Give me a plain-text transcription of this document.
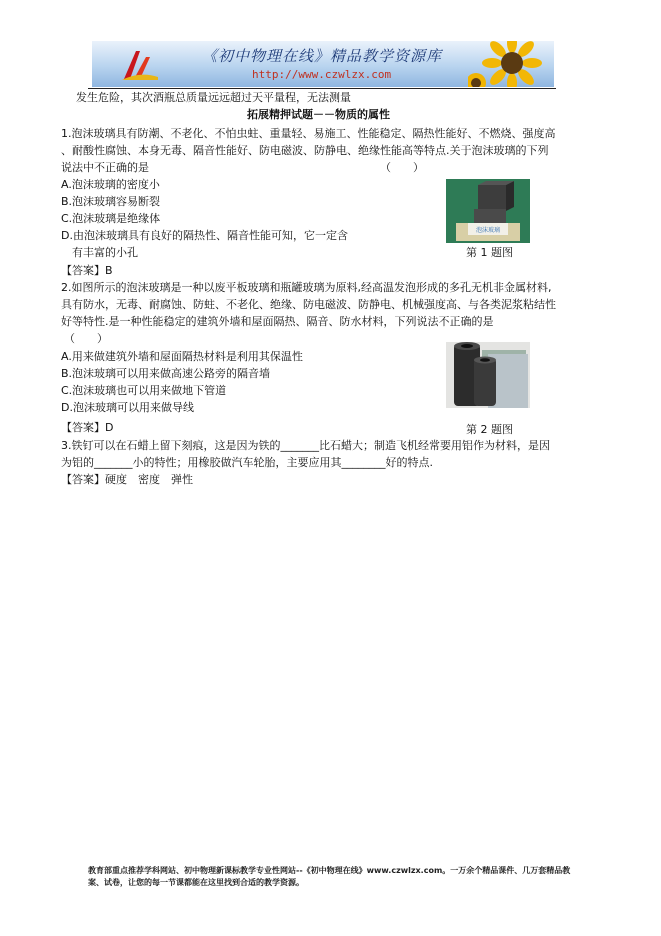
《初中物理在线》精品教学资源库
http://www.czwlzx.com

发生危险，其次酒瓶总质量远远超过天平量程，无法测量

拓展精押试题－－物质的属性

1.泡沫玻璃具有防潮、不老化、不怕虫蛀、重量轻、易施工、性能稳定、隔热性能好、不燃烧、强度高

、耐酸性腐蚀、本身无毒、隔音性能好、防电磁波、防静电、绝缘性能高等特点.关于泡沫玻璃的下列

说法中不正确的是	（　　）

A.泡沫玻璃的密度小

B.泡沫玻璃容易断裂

C.泡沫玻璃是绝缘体

D.由泡沫玻璃具有良好的隔热性、隔音性能可知，它一定含

　有丰富的小孔

泡沫玻璃

第 1 题图

【答案】B

2.如图所示的泡沫玻璃是一种以废平板玻璃和瓶罐玻璃为原料,经高温发泡形成的多孔无机非金属材料,

具有防水，无毒、耐腐蚀、防蛀、不老化、绝缘、防电磁波、防静电、机械强度高、与各类泥浆粘结性

好等特性.是一种性能稳定的建筑外墙和屋面隔热、隔音、防水材料，下列说法不正确的是

（　　）

A.用来做建筑外墙和屋面隔热材料是利用其保温性

B.泡沫玻璃可以用来做高速公路旁的隔音墙

C.泡沫玻璃也可以用来做地下管道

D.泡沫玻璃可以用来做导线

第 2 题图

【答案】D

3.铁钉可以在石蜡上留下刻痕，这是因为铁的_______比石蜡大；制造飞机经常要用铝作为材料，是因

为铝的_______小的特性；用橡胶做汽车轮胎，主要应用其________好的特点.

【答案】硬度　密度　弹性

教育部重点推荐学科网站、初中物理新课标教学专业性网站--《初中物理在线》www.czwlzx.com。一万余个精品课件、几万套精品教案、试卷，让您的每一节课都能在这里找到合适的教学资源。
